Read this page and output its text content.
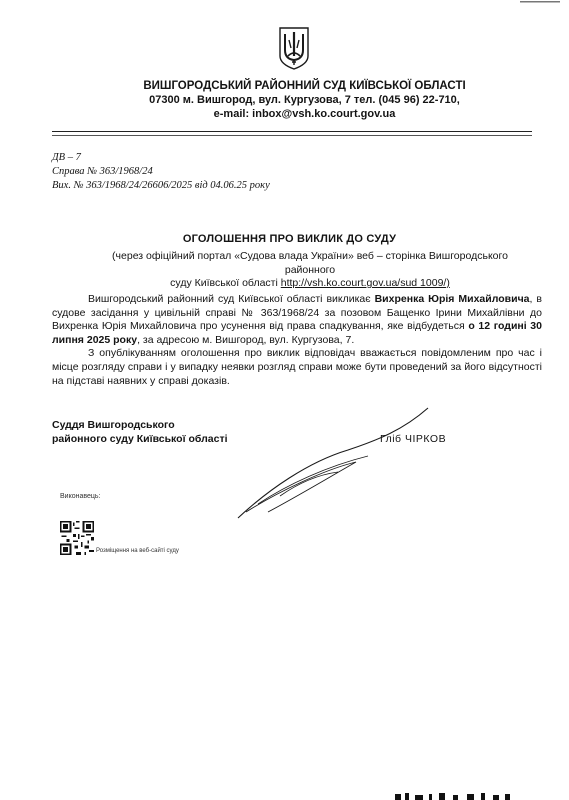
ВИШГОРОДСЬКИЙ РАЙОННИЙ СУД КИЇВСЬКОЇ ОБЛАСТІ
07300 м. Вишгород, вул. Кургузова, 7 тел. (045 96) 22-710,
e-mail: inbox@vsh.ko.court.gov.ua
ДВ – 7
Справа № 363/1968/24
Вих. № 363/1968/24/26606/2025 від 04.06.25 року
ОГОЛОШЕННЯ ПРО ВИКЛИК ДО СУДУ
(через офіційний портал «Судова влада України» веб – сторінка Вишгородського районного
суду Київської області http://vsh.ko.court.gov.ua/sud 1009/)

Вишгородський районний суд Київської області викликає Вихренка Юрія Михайловича, в судове засідання у цивільній справі № 363/1968/24 за позовом Бащенко Ірини Михайлівни до Вихренка Юрія Михайловича про усунення від права спадкування, яке відбудеться о 12 годині 30 липня 2025 року, за адресою м. Вишгород, вул. Кургузова, 7.

З опублікуванням оголошення про виклик відповідач вважається повідомленим про час і місце розгляду справи і у випадку неявки розгляд справи може бути проведений за його відсутності на підставі наявних у справі доказів.

Суддя Вишгородського
районного суду Київської області	Гліб ЧІРКОВ
Виконавець:
Розміщення на веб-сайті суду
